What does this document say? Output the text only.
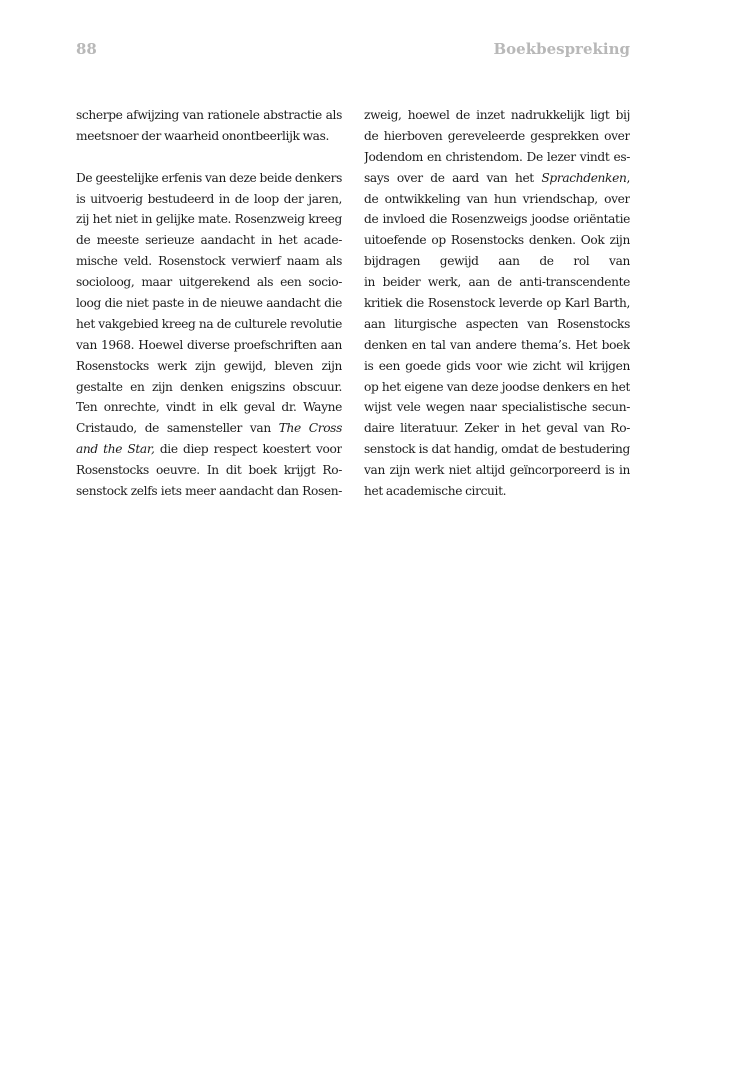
88	Boekbespreking
scherpe afwijzing van rationele abstractie als
meetsnoer der waarheid onontbeerlijk was.
De geestelijke erfenis van deze beide denkers
is uitvoerig bestudeerd in de loop der jaren,
zij het niet in gelijke mate. Rosenzweig kreeg
de meeste serieuze aandacht in het acade-
mische veld. Rosenstock verwierf naam als
socioloog, maar uitgerekend als een socio-
loog die niet paste in de nieuwe aandacht die
het vakgebied kreeg na de culturele revolutie
van 1968. Hoewel diverse proefschriften aan
Rosenstocks werk zijn gewijd, bleven zijn
gestalte en zijn denken enigszins obscuur.
Ten onrechte, vindt in elk geval dr. Wayne
Cristaudo, de samensteller van The Cross
and the Star, die diep respect koestert voor
Rosenstocks oeuvre. In dit boek krijgt Ro-
senstock zelfs iets meer aandacht dan Rosen-
zweig, hoewel de inzet nadrukkelijk ligt bij
de hierboven gereveleerde gesprekken over
Jodendom en christendom. De lezer vindt es-
says over de aard van het Sprachdenken,
de ontwikkeling van hun vriendschap, over
de invloed die Rosenzweigs joodse oriëntatie
uitoefende op Rosenstocks denken. Ook zijn
bijdragen gewijd aan de rol van
in beider werk, aan de anti-transcendente
kritiek die Rosenstock leverde op Karl Barth,
aan liturgische aspecten van Rosenstocks
denken en tal van andere thema’s. Het boek
is een goede gids voor wie zicht wil krijgen
op het eigene van deze joodse denkers en het
wijst vele wegen naar specialistische secun-
daire literatuur. Zeker in het geval van Ro-
senstock is dat handig, omdat de bestudering
van zijn werk niet altijd geïncorporeerd is in
het academische circuit.
